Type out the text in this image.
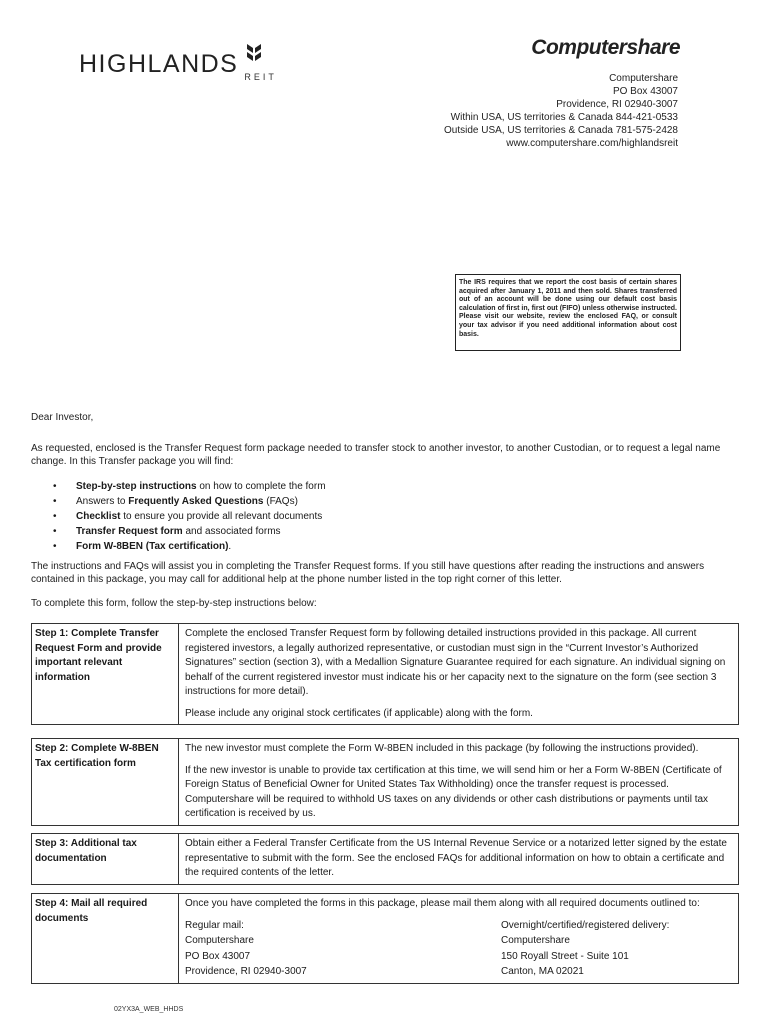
HIGHLANDS REIT
Computershare
Computershare
PO Box 43007
Providence, RI 02940-3007
Within USA, US territories & Canada 844-421-0533
Outside USA, US territories & Canada 781-575-2428
www.computershare.com/highlandsreit
The IRS requires that we report the cost basis of certain shares acquired after January 1, 2011 and then sold. Shares transferred out of an account will be done using our default cost basis calculation of first in, first out (FIFO) unless otherwise instructed. Please visit our website, review the enclosed FAQ, or consult your tax advisor if you need additional information about cost basis.
Dear Investor,
As requested, enclosed is the Transfer Request form package needed to transfer stock to another investor, to another Custodian, or to request a legal name change. In this Transfer package you will find:
•	Step-by-step instructions on how to complete the form
•	Answers to Frequently Asked Questions (FAQs)
•	Checklist to ensure you provide all relevant documents
•	Transfer Request form and associated forms
•	Form W-8BEN (Tax certification).
The instructions and FAQs will assist you in completing the Transfer Request forms. If you still have questions after reading the instructions and answers contained in this package, you may call for additional help at the phone number listed in the top right corner of this letter.
To complete this form, follow the step-by-step instructions below:
Step 1: Complete Transfer Request Form and provide important relevant information

Complete the enclosed Transfer Request form by following detailed instructions provided in this package. All current registered investors, a legally authorized representative, or custodian must sign in the “Current Investor’s Authorized Signatures” section (section 3), with a Medallion Signature Guarantee required for each signature. An individual signing on behalf of the current registered investor must indicate his or her capacity next to the signature on the form (see section 3 instructions for more detail).

Please include any original stock certificates (if applicable) along with the form.

Step 2: Complete W-8BEN Tax certification form

The new investor must complete the Form W-8BEN included in this package (by following the instructions provided).

If the new investor is unable to provide tax certification at this time, we will send him or her a Form W-8BEN (Certificate of Foreign Status of Beneficial Owner for United States Tax Withholding) once the transfer request is processed. Computershare will be required to withhold US taxes on any dividends or other cash distributions or payments until tax certification is received by us.

Step 3: Additional tax documentation

Obtain either a Federal Transfer Certificate from the US Internal Revenue Service or a notarized letter signed by the estate representative to submit with the form. See the enclosed FAQs for additional information on how to obtain a certificate and the required contents of the letter.

Step 4: Mail all required documents

Once you have completed the forms in this package, please mail them along with all required documents outlined to:

Regular mail:
Computershare
PO Box 43007
Providence, RI 02940-3007
Overnight/certified/registered delivery:
Computershare
150 Royall Street - Suite 101
Canton, MA 02021
02YX3A_WEB_HHDS
